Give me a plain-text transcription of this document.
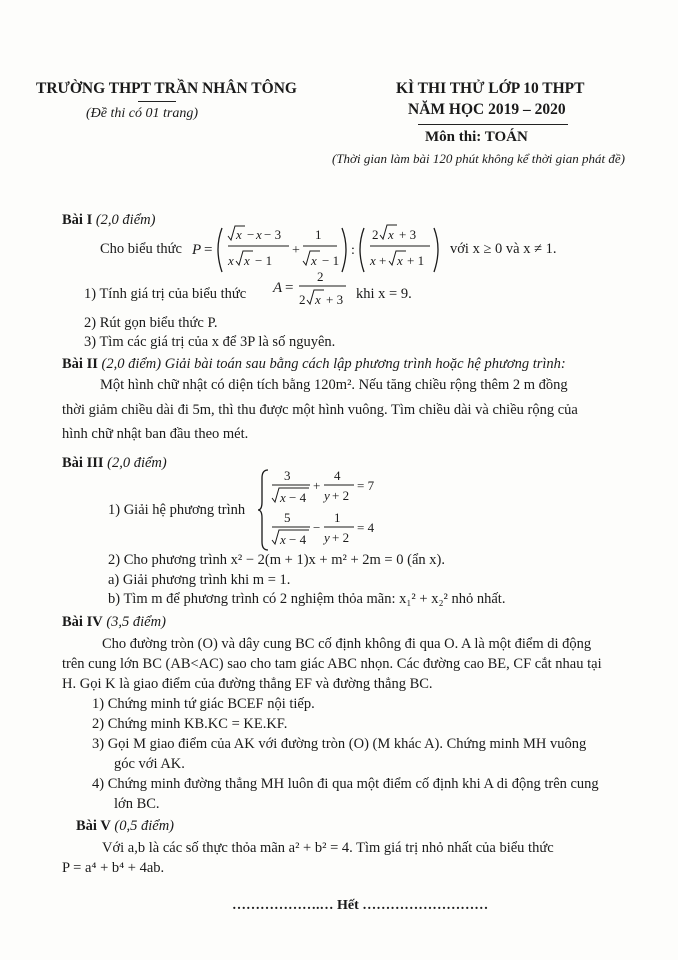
TRƯỜNG THPT TRẦN NHÂN TÔNG
(Đề thi có 01 trang)
KÌ THI THỬ LỚP 10 THPT
NĂM HỌC 2019 – 2020
Môn thi: TOÁN
(Thời gian làm bài 120 phút không kể thời gian phát đề)
Bài I (2,0 điểm)
Cho biểu thức P =
x − x − 3
x x − 1
+
1
x − 1
:
2 x + 3
x + x + 1
với x ≥ 0 và x ≠ 1.
1) Tính giá trị của biểu thức A =
2
2 x + 3 khi x = 9.
2) Rút gọn biểu thức P.
3) Tìm các giá trị của x để 3P là số nguyên.
Bài II (2,0 điểm) Giải bài toán sau bằng cách lập phương trình hoặc hệ phương trình:
Một hình chữ nhật có diện tích bằng 120m². Nếu tăng chiều rộng thêm 2 m đồng
thời giảm chiều dài đi 5m, thì thu được một hình vuông. Tìm chiều dài và chiều rộng của
hình chữ nhật ban đầu theo mét.
Bài III (2,0 điểm)
1) Giải hệ phương trình
3
x − 4
+
4
y + 2
= 7
5
x − 4
−
1
y + 2
= 4
2) Cho phương trình x² − 2(m + 1)x + m² + 2m = 0 (ẩn x).
a) Giải phương trình khi m = 1.
b) Tìm m để phương trình có 2 nghiệm thỏa mãn: x₁² + x₂² nhỏ nhất.
Bài IV (3,5 điểm)
Cho đường tròn (O) và dây cung BC cố định không đi qua O. A là một điểm di động
trên cung lớn BC (AB<AC) sao cho tam giác ABC nhọn. Các đường cao BE, CF cắt nhau tại
H. Gọi K là giao điểm của đường thẳng EF và đường thẳng BC.
1) Chứng minh tứ giác BCEF nội tiếp.
2) Chứng minh KB.KC = KE.KF.
3) Gọi M giao điểm của AK với đường tròn (O) (M khác A). Chứng minh MH vuông
góc với AK.
4) Chứng minh đường thẳng MH luôn đi qua một điểm cố định khi A di động trên cung
lớn BC.
Bài V (0,5 điểm)
Với a,b là các số thực thỏa mãn a² + b² = 4. Tìm giá trị nhỏ nhất của biểu thức
P = a⁴ + b⁴ + 4ab.
……………….… Hết ………………………
